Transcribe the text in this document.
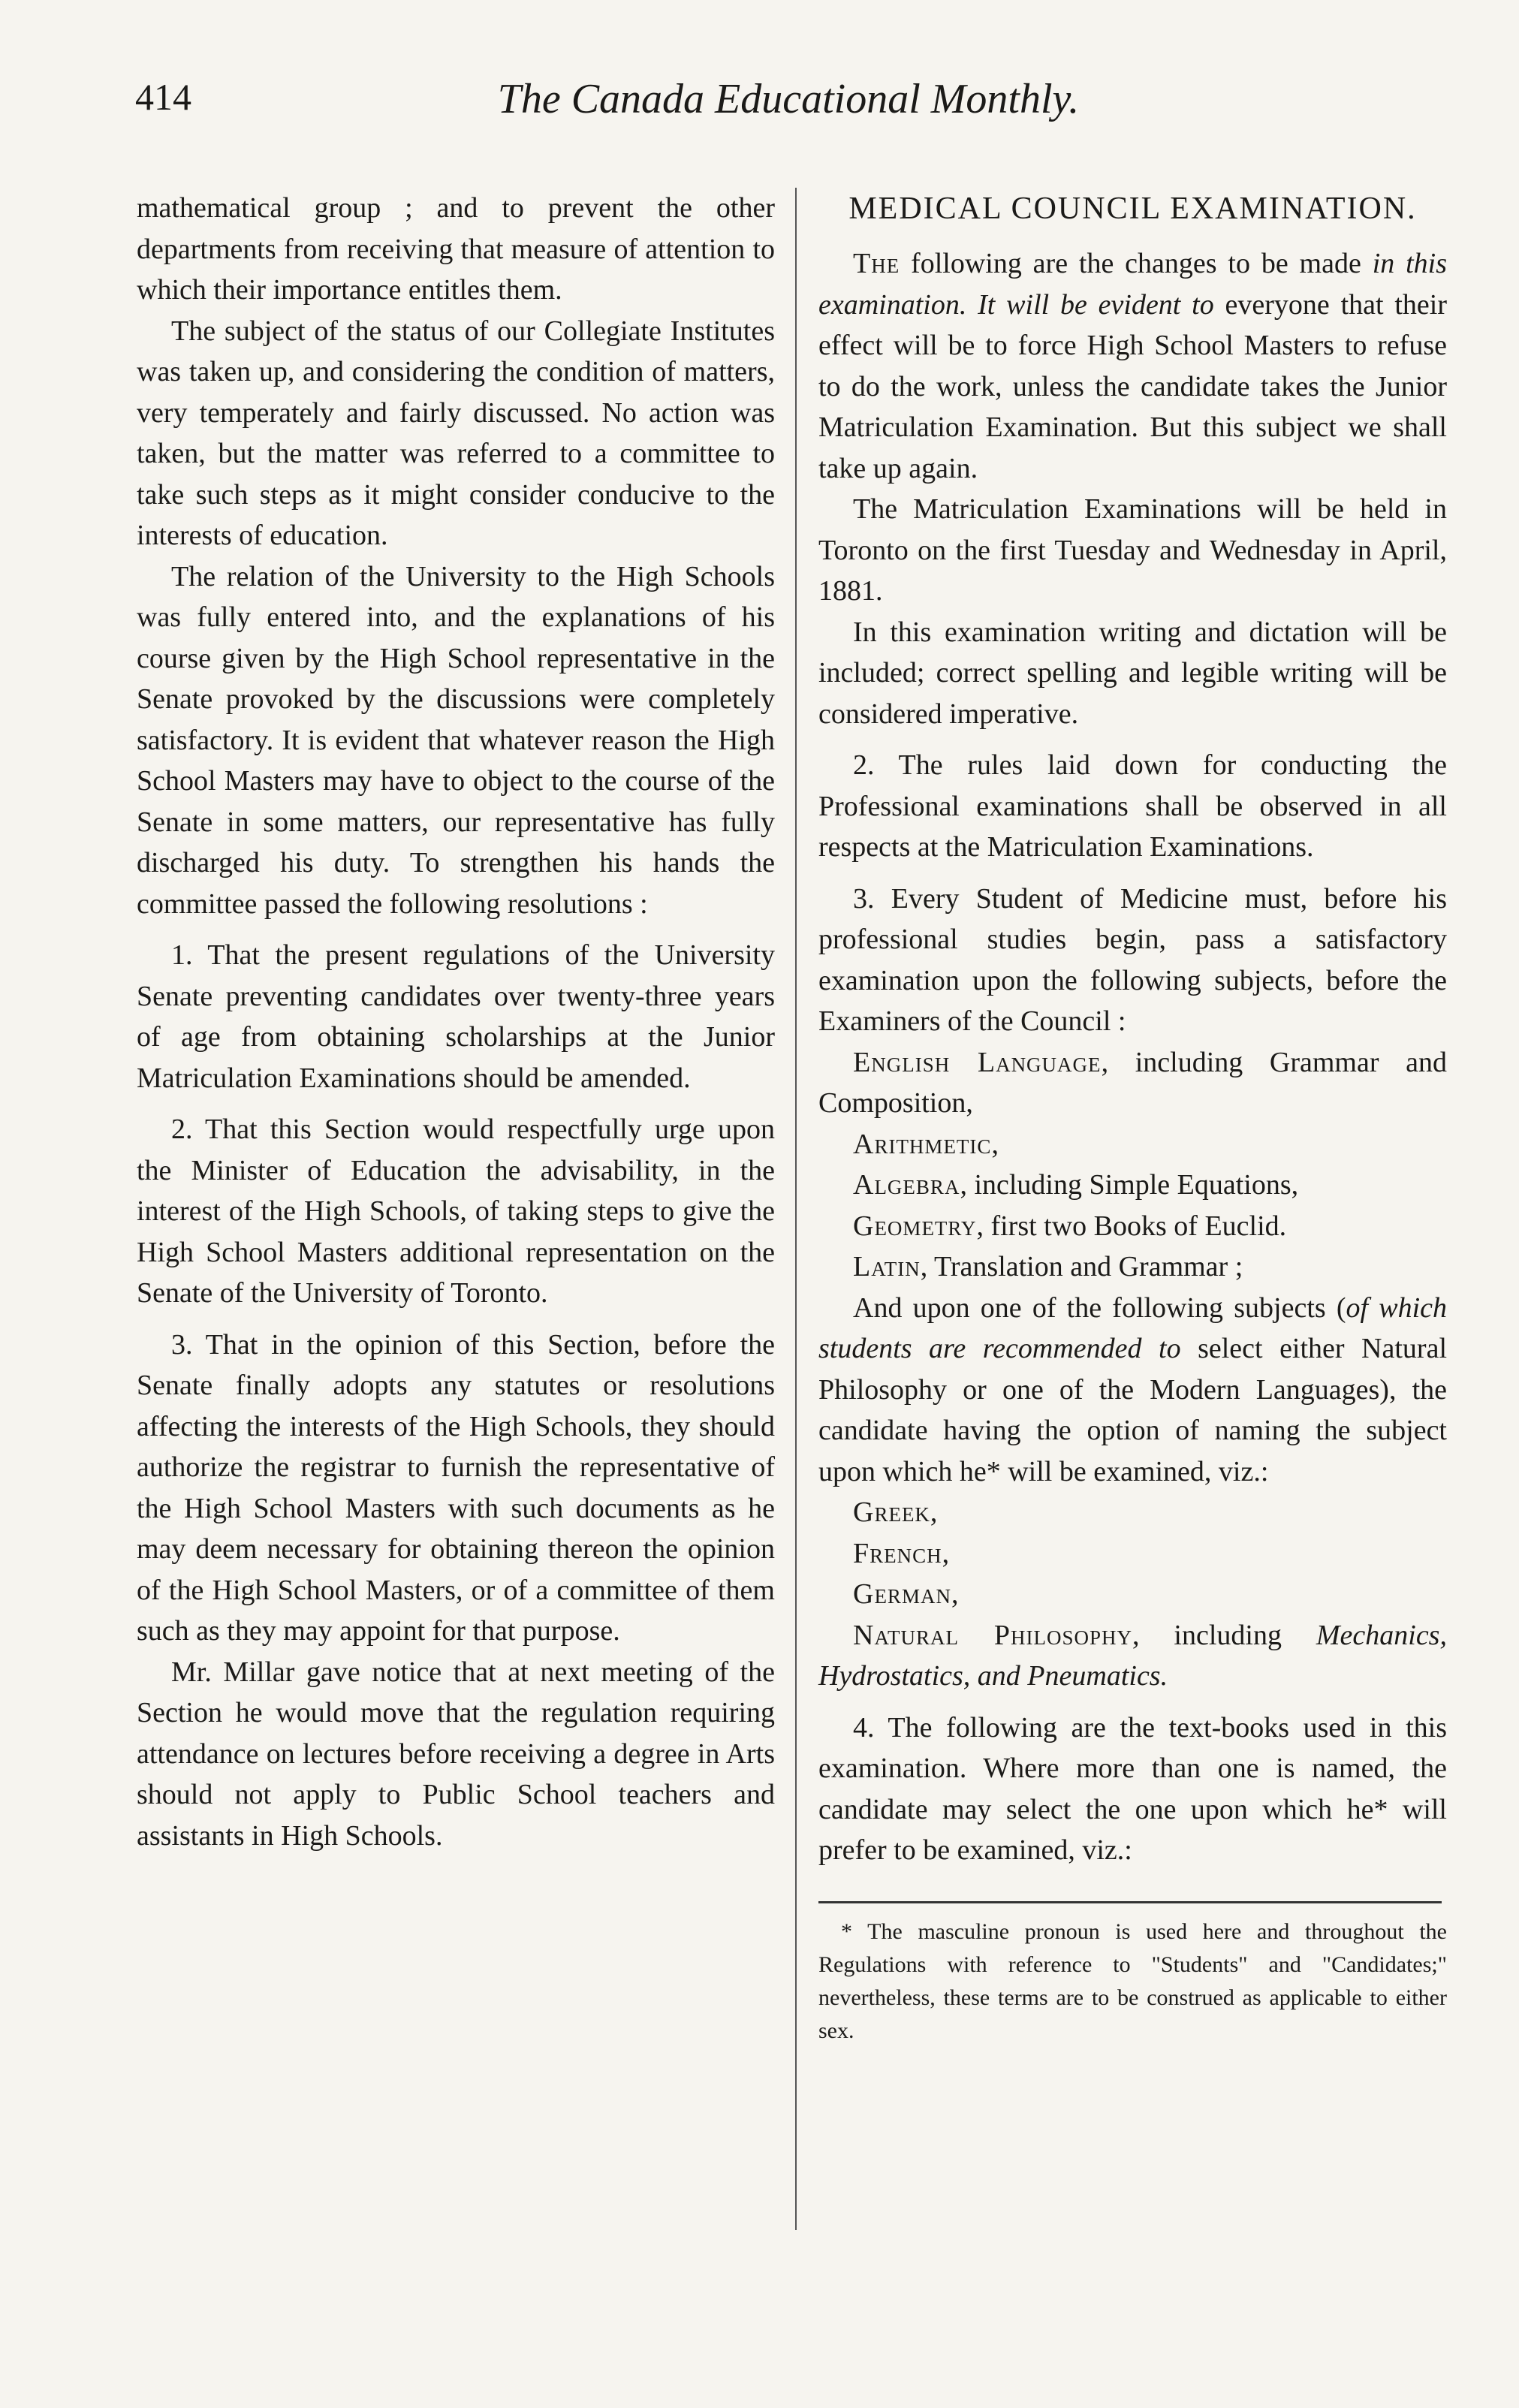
414	The Canada Educational Monthly.

mathematical group ; and to prevent the other departments from receiving that measure of attention to which their importance entitles them.

The subject of the status of our Collegiate Institutes was taken up, and considering the condition of matters, very temperately and fairly discussed. No action was taken, but the matter was referred to a committee to take such steps as it might consider conducive to the interests of education.

The relation of the University to the High Schools was fully entered into, and the explanations of his course given by the High School representative in the Senate provoked by the discussions were completely satisfactory. It is evident that whatever reason the High School Masters may have to object to the course of the Senate in some matters, our representative has fully discharged his duty. To strengthen his hands the committee passed the following resolutions :

1. That the present regulations of the University Senate preventing candidates over twenty-three years of age from obtaining scholarships at the Junior Matriculation Examinations should be amended.

2. That this Section would respectfully urge upon the Minister of Education the advisability, in the interest of the High Schools, of taking steps to give the High School Masters additional representation on the Senate of the University of Toronto.

3. That in the opinion of this Section, before the Senate finally adopts any statutes or resolutions affecting the interests of the High Schools, they should authorize the registrar to furnish the representative of the High School Masters with such documents as he may deem necessary for obtaining thereon the opinion of the High School Masters, or of a committee of them such as they may appoint for that purpose.

Mr. Millar gave notice that at next meeting of the Section he would move that the regulation requiring attendance on lectures before receiving a degree in Arts should not apply to Public School teachers and assistants in High Schools.

MEDICAL COUNCIL EXAMINATION.

The following are the changes to be made in this examination. It will be evident to everyone that their effect will be to force High School Masters to refuse to do the work, unless the candidate takes the Junior Matriculation Examination. But this subject we shall take up again.

The Matriculation Examinations will be held in Toronto on the first Tuesday and Wednesday in April, 1881.

In this examination writing and dictation will be included; correct spelling and legible writing will be considered imperative.

2. The rules laid down for conducting the Professional examinations shall be observed in all respects at the Matriculation Examinations.

3. Every Student of Medicine must, before his professional studies begin, pass a satisfactory examination upon the following subjects, before the Examiners of the Council :

English Language, including Grammar and Composition,

Arithmetic,

Algebra, including Simple Equations,

Geometry, first two Books of Euclid.

Latin, Translation and Grammar ;

And upon one of the following subjects (of which students are recommended to select either Natural Philosophy or one of the Modern Languages), the candidate having the option of naming the subject upon which he* will be examined, viz.:

Greek,

French,

German,

Natural Philosophy, including Mechanics, Hydrostatics, and Pneumatics.

4. The following are the text-books used in this examination. Where more than one is named, the candidate may select the one upon which he* will prefer to be examined, viz.:

* The masculine pronoun is used here and throughout the Regulations with reference to "Students" and "Candidates;" nevertheless, these terms are to be construed as applicable to either sex.
